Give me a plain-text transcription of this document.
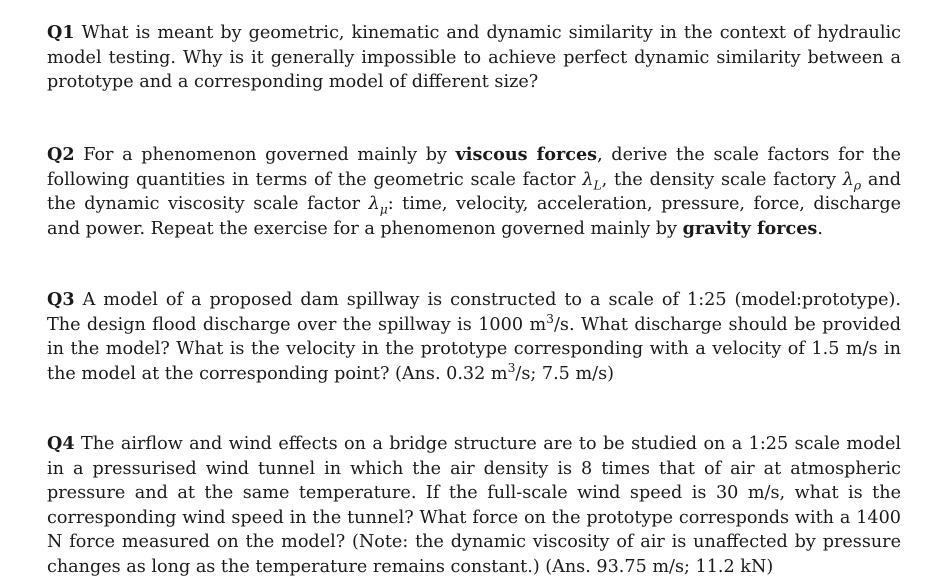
Q1 What is meant by geometric, kinematic and dynamic similarity in the context of hydraulic model testing. Why is it generally impossible to achieve perfect dynamic similarity between a prototype and a corresponding model of different size?

Q2 For a phenomenon governed mainly by viscous forces, derive the scale factors for the following quantities in terms of the geometric scale factor $\lambda_L$, the density scale factory $\lambda_\rho$ and the dynamic viscosity scale factor $\lambda_\mu$: time, velocity, acceleration, pressure, force, discharge and power. Repeat the exercise for a phenomenon governed mainly by gravity forces.

Q3 A model of a proposed dam spillway is constructed to a scale of 1:25 (model:prototype). The design flood discharge over the spillway is 1000 $m^3/s$. What discharge should be provided in the model? What is the velocity in the prototype corresponding with a velocity of 1.5 m/s in the model at the corresponding point? (Ans. 0.32 $m^3/s$; 7.5 m/s)

Q4 The airflow and wind effects on a bridge structure are to be studied on a 1:25 scale model in a pressurised wind tunnel in which the air density is 8 times that of air at atmospheric pressure and at the same temperature. If the full-scale wind speed is 30 m/s, what is the corresponding wind speed in the tunnel? What force on the prototype corresponds with a 1400 N force measured on the model? (Note: the dynamic viscosity of air is unaffected by pressure changes as long as the temperature remains constant.) (Ans. 93.75 m/s; 11.2 kN)
